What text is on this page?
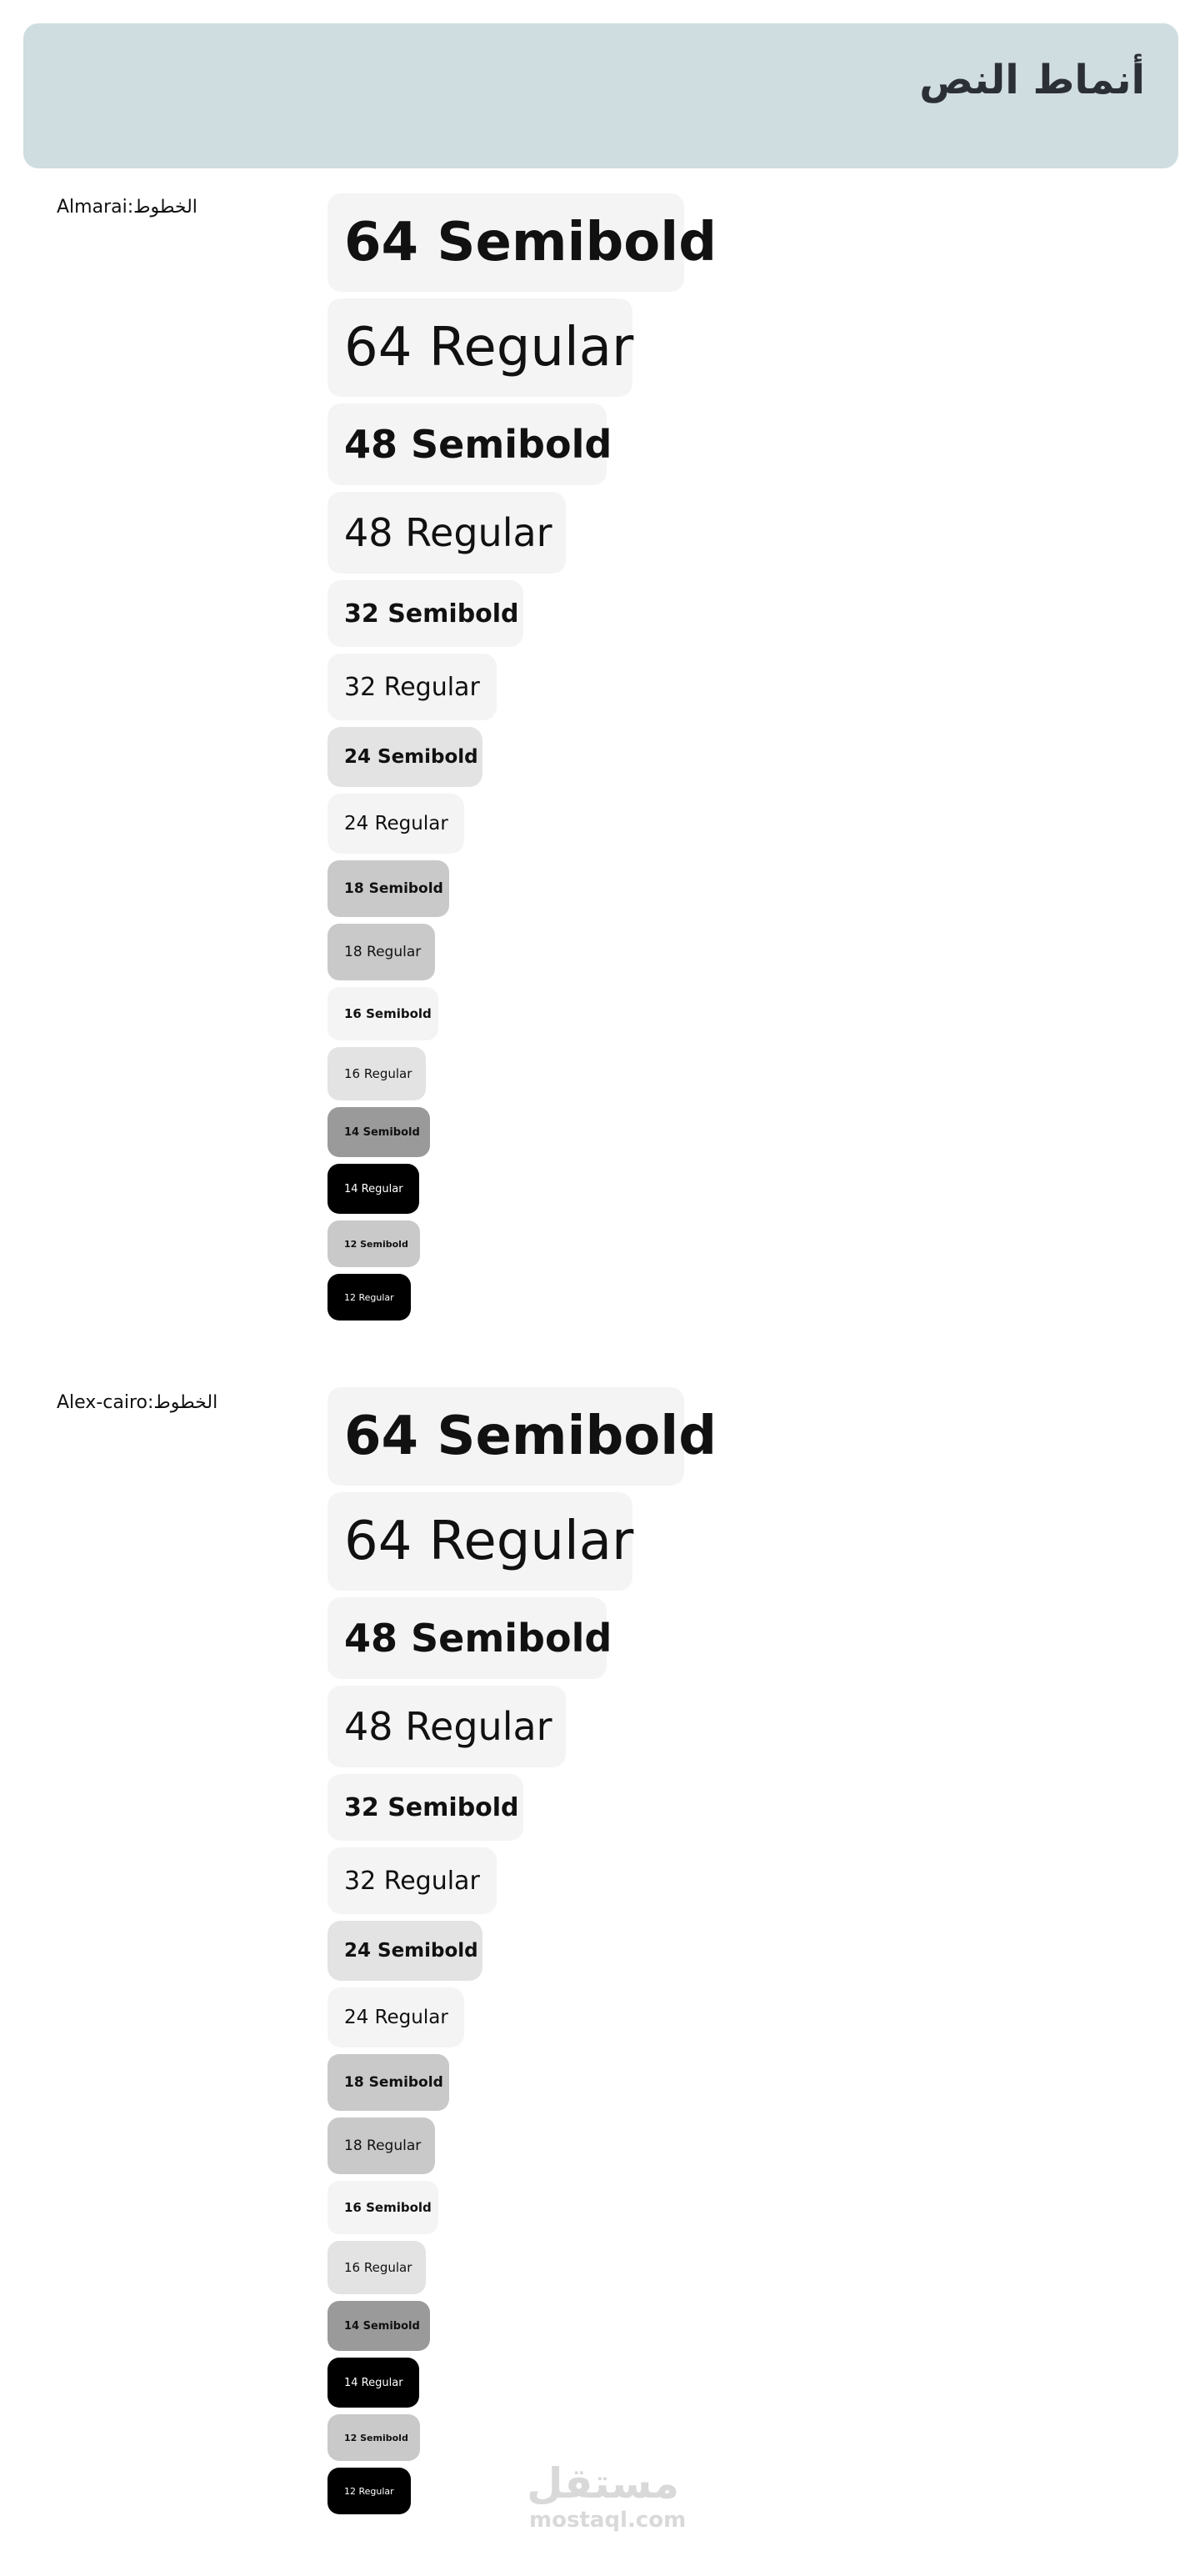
أنماط النص
Almarai:الخطوط
64 Semibold
64 Regular
48 Semibold
48 Regular
32 Semibold
32 Regular
24 Semibold
24 Regular
18 Semibold
18 Regular
16 Semibold
16 Regular
14 Semibold
14 Regular
12 Semibold
12 Regular
Alex-cairo:الخطوط
64 Semibold
64 Regular
48 Semibold
48 Regular
32 Semibold
32 Regular
24 Semibold
24 Regular
18 Semibold
18 Regular
16 Semibold
16 Regular
14 Semibold
14 Regular
12 Semibold
12 Regular	مستقل
mostaql.com
